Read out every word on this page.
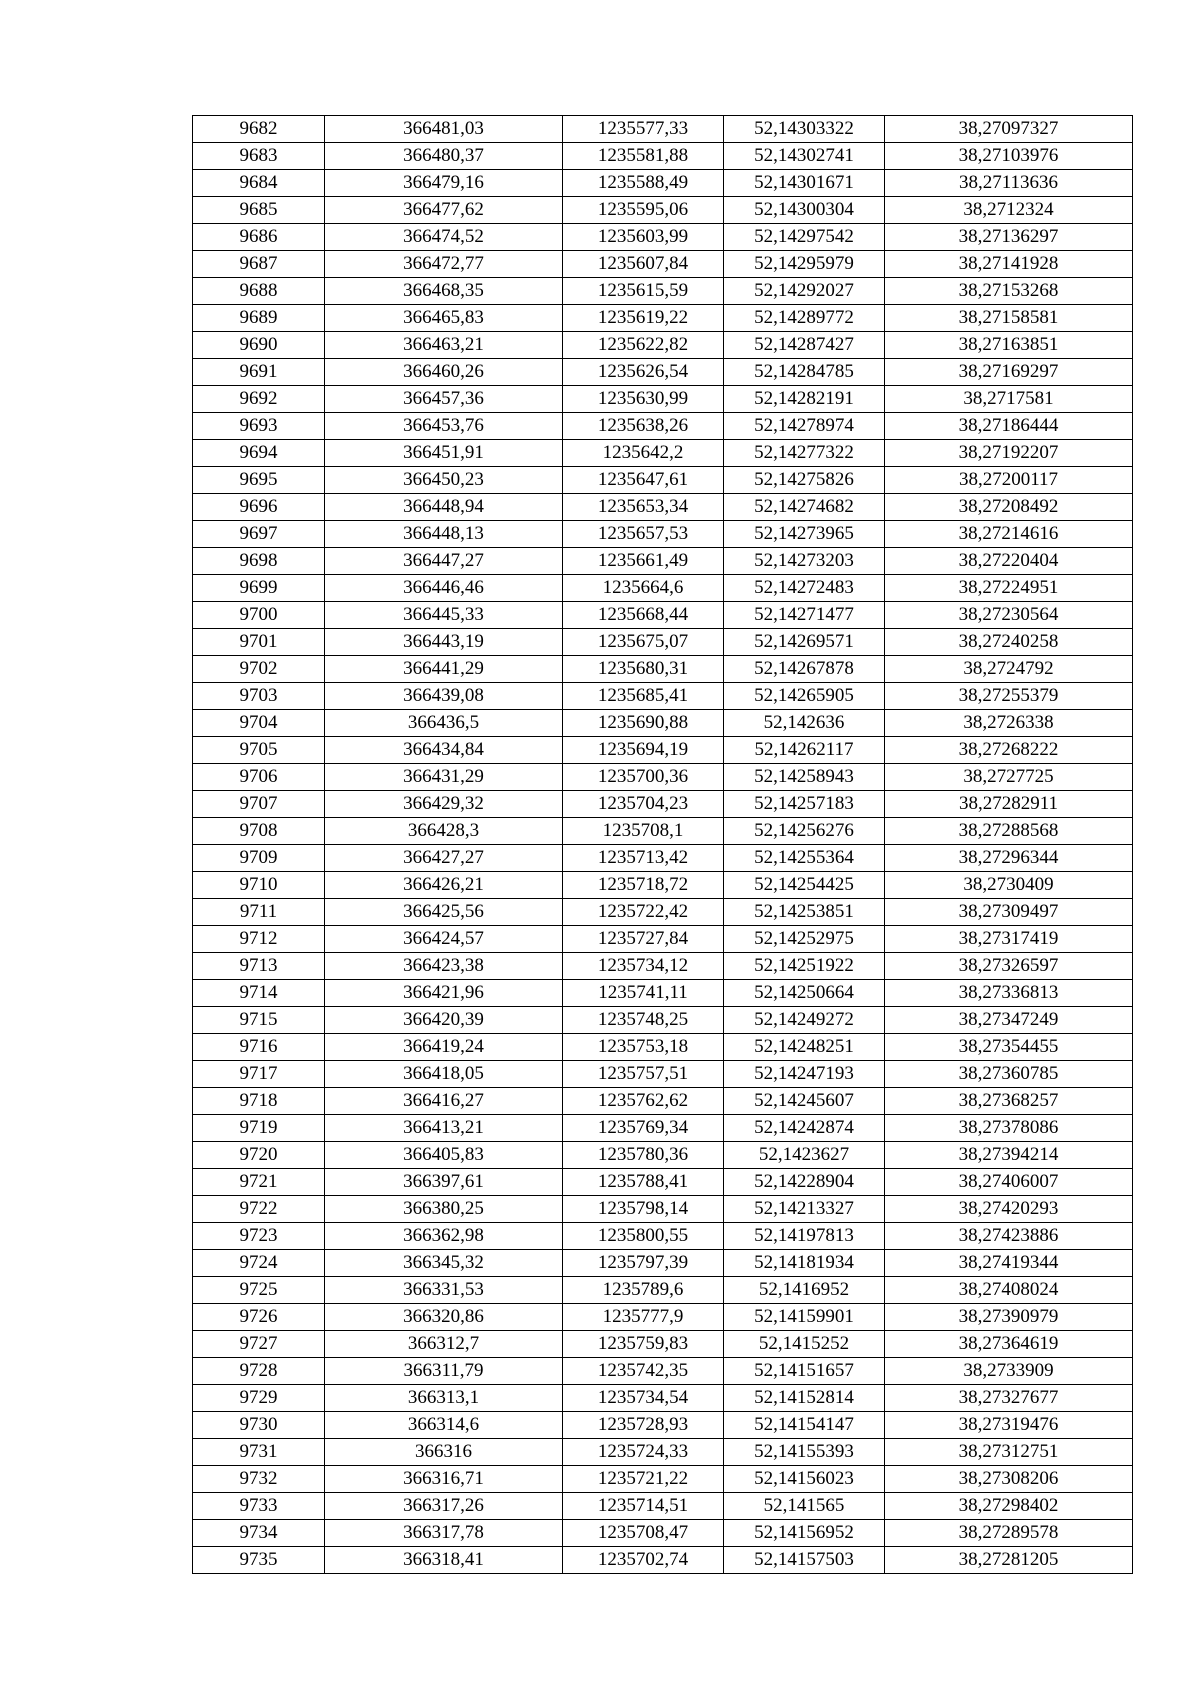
9682	366481,03	1235577,33	52,14303322	38,27097327
9683	366480,37	1235581,88	52,14302741	38,27103976
9684	366479,16	1235588,49	52,14301671	38,27113636
9685	366477,62	1235595,06	52,14300304	38,2712324
9686	366474,52	1235603,99	52,14297542	38,27136297
9687	366472,77	1235607,84	52,14295979	38,27141928
9688	366468,35	1235615,59	52,14292027	38,27153268
9689	366465,83	1235619,22	52,14289772	38,27158581
9690	366463,21	1235622,82	52,14287427	38,27163851
9691	366460,26	1235626,54	52,14284785	38,27169297
9692	366457,36	1235630,99	52,14282191	38,2717581
9693	366453,76	1235638,26	52,14278974	38,27186444
9694	366451,91	1235642,2	52,14277322	38,27192207
9695	366450,23	1235647,61	52,14275826	38,27200117
9696	366448,94	1235653,34	52,14274682	38,27208492
9697	366448,13	1235657,53	52,14273965	38,27214616
9698	366447,27	1235661,49	52,14273203	38,27220404
9699	366446,46	1235664,6	52,14272483	38,27224951
9700	366445,33	1235668,44	52,14271477	38,27230564
9701	366443,19	1235675,07	52,14269571	38,27240258
9702	366441,29	1235680,31	52,14267878	38,2724792
9703	366439,08	1235685,41	52,14265905	38,27255379
9704	366436,5	1235690,88	52,142636	38,2726338
9705	366434,84	1235694,19	52,14262117	38,27268222
9706	366431,29	1235700,36	52,14258943	38,2727725
9707	366429,32	1235704,23	52,14257183	38,27282911
9708	366428,3	1235708,1	52,14256276	38,27288568
9709	366427,27	1235713,42	52,14255364	38,27296344
9710	366426,21	1235718,72	52,14254425	38,2730409
9711	366425,56	1235722,42	52,14253851	38,27309497
9712	366424,57	1235727,84	52,14252975	38,27317419
9713	366423,38	1235734,12	52,14251922	38,27326597
9714	366421,96	1235741,11	52,14250664	38,27336813
9715	366420,39	1235748,25	52,14249272	38,27347249
9716	366419,24	1235753,18	52,14248251	38,27354455
9717	366418,05	1235757,51	52,14247193	38,27360785
9718	366416,27	1235762,62	52,14245607	38,27368257
9719	366413,21	1235769,34	52,14242874	38,27378086
9720	366405,83	1235780,36	52,1423627	38,27394214
9721	366397,61	1235788,41	52,14228904	38,27406007
9722	366380,25	1235798,14	52,14213327	38,27420293
9723	366362,98	1235800,55	52,14197813	38,27423886
9724	366345,32	1235797,39	52,14181934	38,27419344
9725	366331,53	1235789,6	52,1416952	38,27408024
9726	366320,86	1235777,9	52,14159901	38,27390979
9727	366312,7	1235759,83	52,1415252	38,27364619
9728	366311,79	1235742,35	52,14151657	38,2733909
9729	366313,1	1235734,54	52,14152814	38,27327677
9730	366314,6	1235728,93	52,14154147	38,27319476
9731	366316	1235724,33	52,14155393	38,27312751
9732	366316,71	1235721,22	52,14156023	38,27308206
9733	366317,26	1235714,51	52,141565	38,27298402
9734	366317,78	1235708,47	52,14156952	38,27289578
9735	366318,41	1235702,74	52,14157503	38,27281205
